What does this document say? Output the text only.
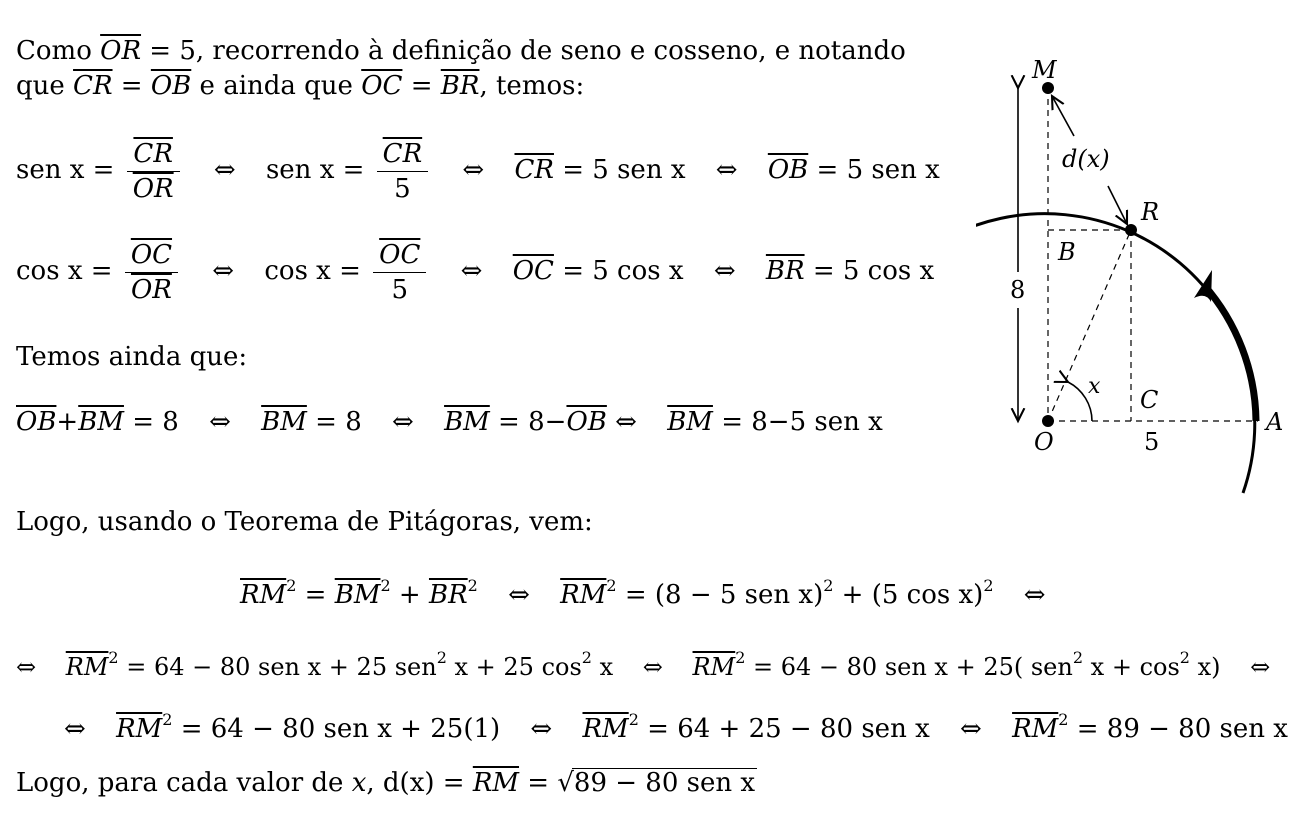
Como $\overline{OR} = 5$, recorrendo à definição de seno e cosseno, e notando
que $\overline{CR} = \overline{OB}$ e ainda que $\overline{OC} = \overline{BR}$, temos:
sen $x = \frac{\overline{CR}}{OR}$ ⇔ sen $x = \frac{\overline{CR}}{5}$ ⇔ $\overline{CR} = 5$ sen x ⇔ $\overline{OB} = 5$ sen x
$\cos x = \frac{\overline{OC}}{OR}$ ⇔ $\cos x = \frac{\overline{OC}}{5}$ ⇔ $\overline{OC} = 5$ cos x ⇔ $\overline{BR} = 5$ cos x
Temos ainda que:
$\overline{OB}+\overline{BM} = 8$ ⇔ $\overline{BM} = 8$ ⇔ $\overline{BM} = 8-\overline{OB}$ ⇔ $\overline{BM} = 8-5$ sen x
Logo, usando o Teorema de Pitágoras, vem:
$\overline{RM}^2 = \overline{BM}^2 + \overline{BR}^2$ ⇔ $\overline{RM}^2 = (8 - 5$ sen x)$^2$ + (5 cos x)$^2$ ⇔
⇔ $\overline{RM}^2 = 64 - 80$ sen x + 25 sen$^2$ x + 25 $\cos^2 x$ ⇔ $\overline{RM}^2 = 64 - 80$ sen x + 25( sen$^2$ $x + \cos^2 x$) ⇔
⇔ $\overline{RM}^2 = 64 - 80$ sen x + 25(1) ⇔ $\overline{RM}^2 = 64 + 25 - 80$ sen x ⇔ $\overline{RM}^2 = 89 - 80$ sen x
Logo, para cada valor de x, $d(x) = \overline{RM} = √89 - 80$ sen x
M
R
B
C
O
A
d(x)
x
8
5
